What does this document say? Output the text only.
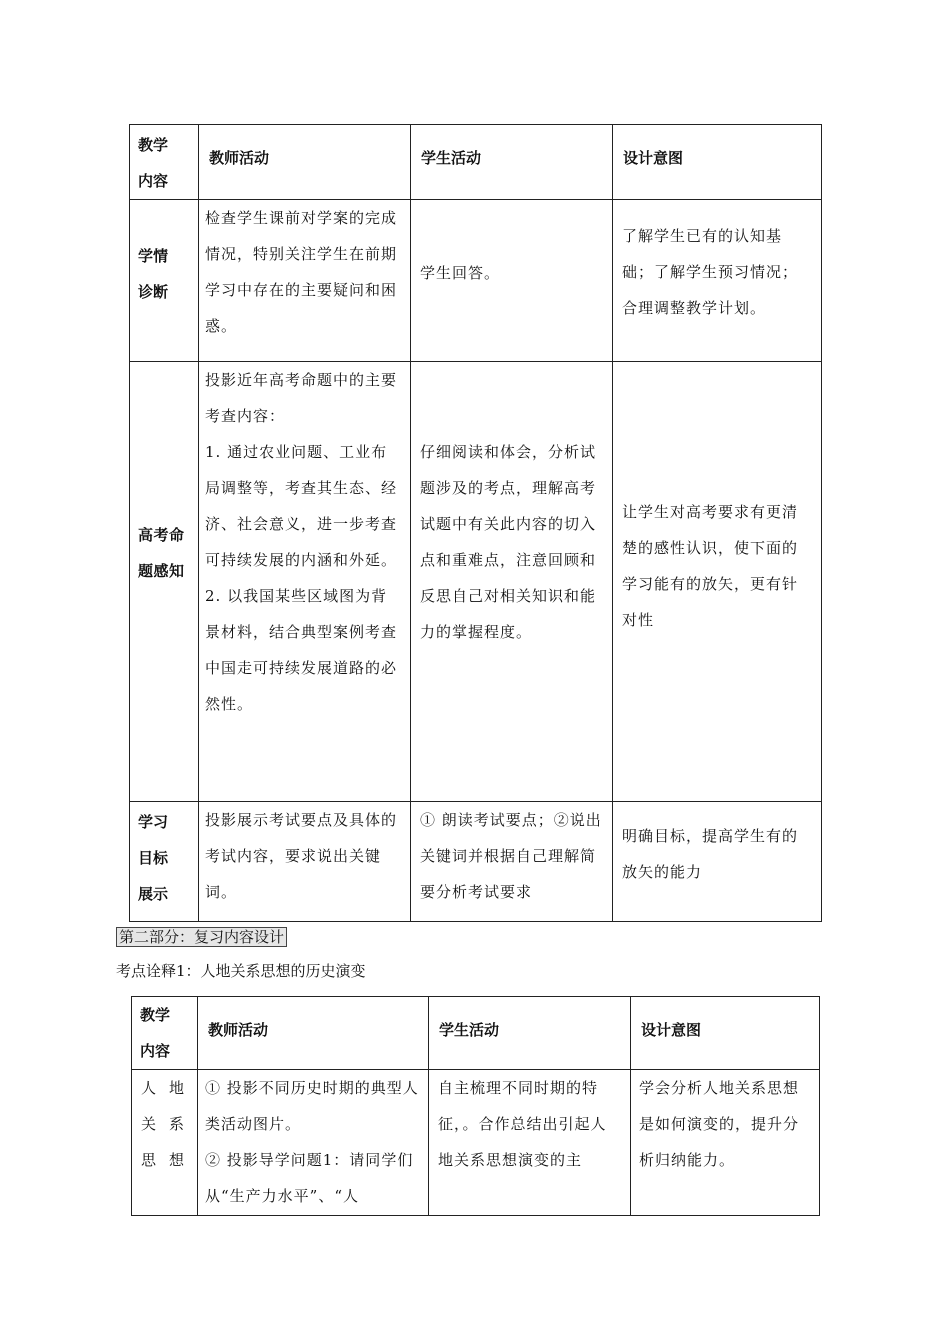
教学内容	教师活动	学生活动	设计意图

学情诊断	检查学生课前对学案的完成情况，特别关注学生在前期学习中存在的主要疑问和困惑。	学生回答。	了解学生已有的认知基础；了解学生预习情况；合理调整教学计划。

高考命题感知	投影近年高考命题中的主要考查内容：
1. 通过农业问题、工业布局调整等，考查其生态、经济、社会意义，进一步考查可持续发展的内涵和外延。
2. 以我国某些区域图为背景材料，结合典型案例考查中国走可持续发展道路的必然性。	仔细阅读和体会，分析试题涉及的考点，理解高考试题中有关此内容的切入点和重难点，注意回顾和反思自己对相关知识和能力的掌握程度。	让学生对高考要求有更清楚的感性认识，使下面的学习能有的放矢，更有针对性

学习目标展示	投影展示考试要点及具体的考试内容，要求说出关键词。	① 朗读考试要点；②说出关键词并根据自己理解简要分析考试要求	明确目标，提高学生有的放矢的能力
第二部分：复习内容设计
考点诠释1：人地关系思想的历史演变
教学内容	教师活动	学生活动	设计意图

人地关系思想	① 投影不同历史时期的典型人类活动图片。
② 投影导学问题1：请同学们从“生产力水平”、“人	自主梳理不同时期的特征，。合作总结出引起人地关系思想演变的主	学会分析人地关系思想是如何演变的，提升分析归纳能力。
